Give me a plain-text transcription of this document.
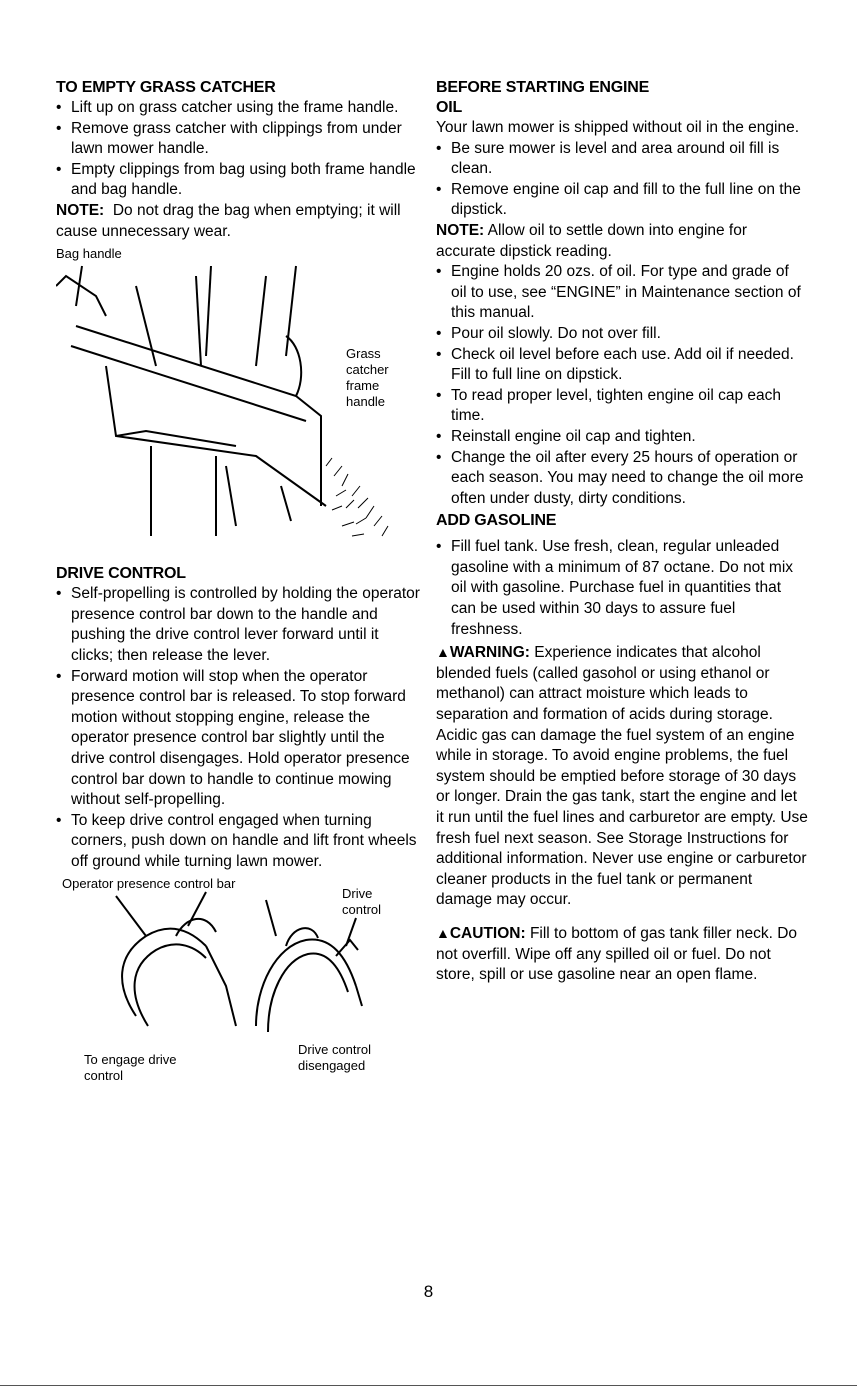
TO EMPTY GRASS CATCHER
• Lift up on grass catcher using the frame handle.
• Remove grass catcher with clippings from under lawn mower handle.
• Empty clippings from bag using both frame handle and bag handle.

NOTE: Do not drag the bag when emptying; it will cause unnecessary wear.

Bag handle
Grass
catcher
frame
handle
DRIVE CONTROL
• Self-propelling is controlled by holding the operator presence control bar down to the handle and pushing the drive control lever forward until it clicks; then release the lever.
• Forward motion will stop when the operator presence control bar is released. To stop forward motion without stopping engine, release the operator presence control bar slightly until the drive control disengages. Hold operator presence control bar down to handle to continue mowing without self-propelling.
• To keep drive control engaged when turning corners, push down on handle and lift front wheels off ground while turning lawn mower.
Operator presence control bar
Drive
control
To engage drive
control
Drive control
disengaged
BEFORE STARTING ENGINE
OIL

Your lawn mower is shipped without oil in the engine.

• Be sure mower is level and area around oil fill is clean.
• Remove engine oil cap and fill to the full line on the dipstick.

NOTE: Allow oil to settle down into engine for accurate dipstick reading.

• Engine holds 20 ozs. of oil. For type and grade of oil to use, see “ENGINE” in Maintenance section of this manual.
• Pour oil slowly. Do not over fill.
• Check oil level before each use. Add oil if needed. Fill to full line on dipstick.
• To read proper level, tighten engine oil cap each time.
• Reinstall engine oil cap and tighten.
• Change the oil after every 25 hours of operation or each season. You may need to change the oil more often under dusty, dirty conditions.
ADD GASOLINE
• Fill fuel tank. Use fresh, clean, regular unleaded gasoline with a minimum of 87 octane. Do not mix oil with gasoline. Purchase fuel in quantities that can be used within 30 days to assure fuel freshness.

▲WARNING: Experience indicates that alcohol blended fuels (called gasohol or using ethanol or methanol) can attract moisture which leads to separation and formation of acids during storage. Acidic gas can damage the fuel system of an engine while in storage. To avoid engine problems, the fuel system should be emptied before storage of 30 days or longer. Drain the gas tank, start the engine and let it run until the fuel lines and carburetor are empty. Use fresh fuel next season. See Storage Instructions for additional information. Never use engine or carburetor cleaner products in the fuel tank or permanent damage may occur.

▲CAUTION: Fill to bottom of gas tank filler neck. Do not overfill. Wipe off any spilled oil or fuel. Do not store, spill or use gasoline near an open flame.

8
